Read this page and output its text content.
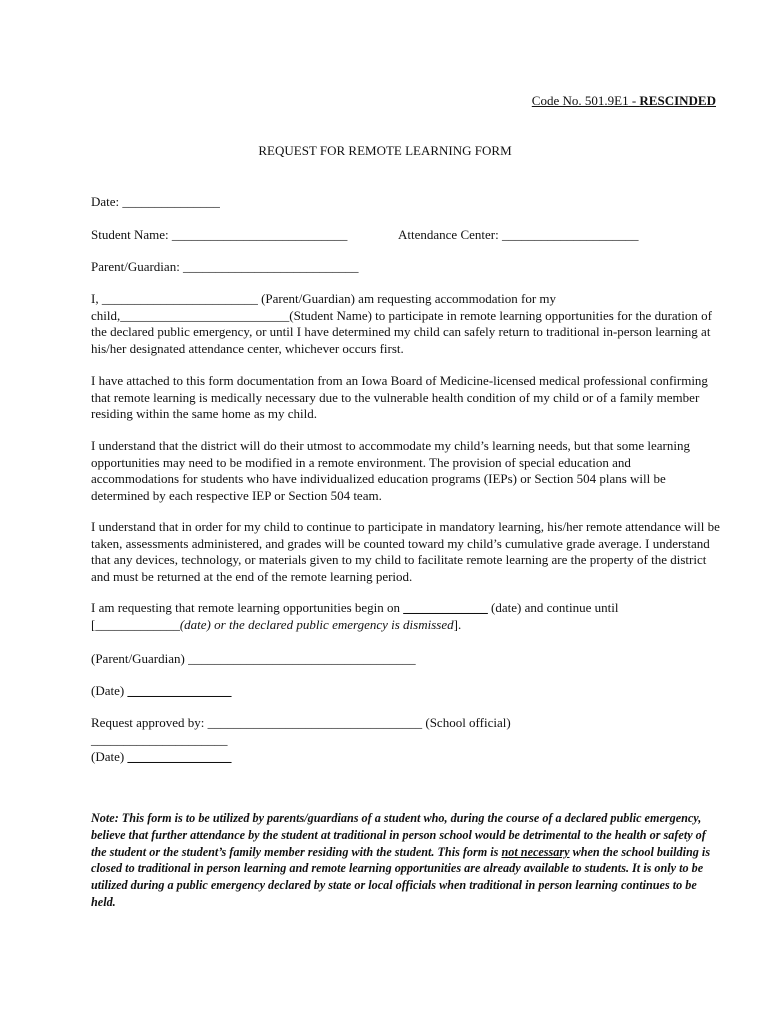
Code No. 501.9E1 - RESCINDED
REQUEST FOR REMOTE LEARNING FORM
Date: _______________
Student Name: ___________________________	Attendance Center: _____________________
Parent/Guardian: ___________________________

I, ________________________ (Parent/Guardian) am requesting accommodation for my child,__________________________(Student Name) to participate in remote learning opportunities for the duration of the declared public emergency, or until I have determined my child can safely return to traditional in-person learning at his/her designated attendance center, whichever occurs first.

I have attached to this form documentation from an Iowa Board of Medicine-licensed medical professional confirming that remote learning is medically necessary due to the vulnerable health condition of my child or of a family member residing within the same home as my child.

I understand that the district will do their utmost to accommodate my child’s learning needs, but that some learning opportunities may need to be modified in a remote environment. The provision of special education and accommodations for students who have individualized education programs (IEPs) or Section 504 plans will be determined by each respective IEP or Section 504 team.

I understand that in order for my child to continue to participate in mandatory learning, his/her remote attendance will be taken, assessments administered, and grades will be counted toward my child’s cumulative grade average. I understand that any devices, technology, or materials given to my child to facilitate remote learning are the property of the district and must be returned at the end of the remote learning period.

I am requesting that remote learning opportunities begin on _____________ (date) and continue until
[_____________(date) or the declared public emergency is dismissed].

(Parent/Guardian) ___________________________________
(Date) ________________
Request approved by: _________________________________ (School official)
_____________________
(Date) ________________

Note: This form is to be utilized by parents/guardians of a student who, during the course of a declared public emergency, believe that further attendance by the student at traditional in person school would be detrimental to the health or safety of the student or the student’s family member residing with the student. This form is not necessary when the school building is closed to traditional in person learning and remote learning opportunities are already available to students. It is only to be utilized during a public emergency declared by state or local officials when traditional in person learning continues to be held.
